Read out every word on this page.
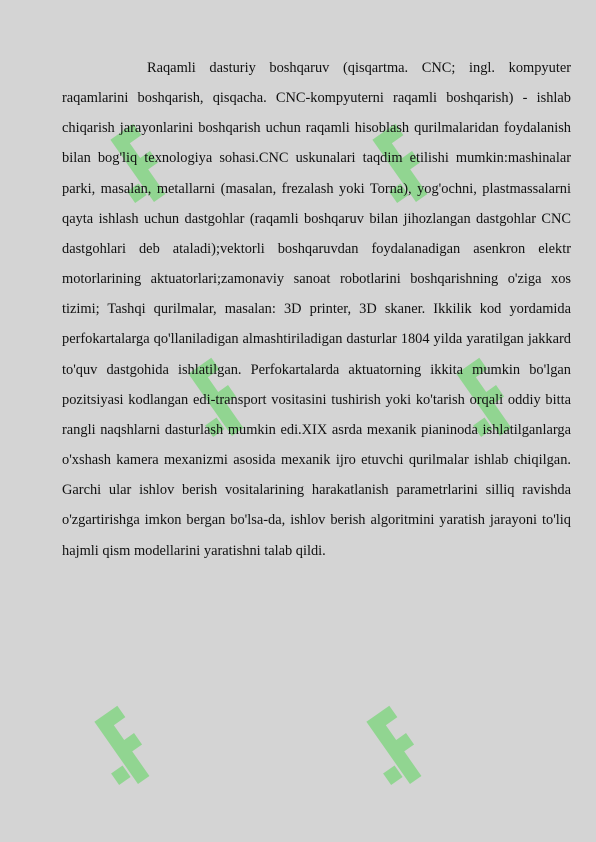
Raqamli dasturiy boshqaruv (qisqartma. CNC; ingl. kompyuter raqamlarini boshqarish, qisqacha. CNC-kompyuterni raqamli boshqarish) - ishlab chiqarish jarayonlarini boshqarish uchun raqamli hisoblash qurilmalaridan foydalanish bilan bog'liq texnologiya sohasi.CNC uskunalari taqdim etilishi mumkin:mashinalar parki, masalan, metallarni (masalan, frezalash yoki Torna), yog'ochni, plastmassalarni qayta ishlash uchun dastgohlar (raqamli boshqaruv bilan jihozlangan dastgohlar CNC dastgohlari deb ataladi);vektorli boshqaruvdan foydalanadigan asenkron elektr motorlarining aktuatorlari;zamonaviy sanoat robotlarini boshqarishning o'ziga xos tizimi; Tashqi qurilmalar, masalan: 3D printer, 3D skaner. Ikkilik kod yordamida perfokartalarga qo'llaniladigan almashtiriladigan dasturlar 1804 yilda yaratilgan jakkard to'quv dastgohida ishlatilgan. Perfokartalarda aktuatorning ikkita mumkin bo'lgan pozitsiyasi kodlangan edi-transport vositasini tushirish yoki ko'tarish orqali oddiy bitta rangli naqshlarni dasturlash mumkin edi.XIX asrda mexanik pianinoda ishlatilganlarga o'xshash kamera mexanizmi asosida mexanik ijro etuvchi qurilmalar ishlab chiqilgan. Garchi ular ishlov berish vositalarining harakatlanish parametrlarini silliq ravishda o'zgartirishga imkon bergan bo'lsa-da, ishlov berish algoritmini yaratish jarayoni to'liq hajmli qism modellarini yaratishni talab qildi.
